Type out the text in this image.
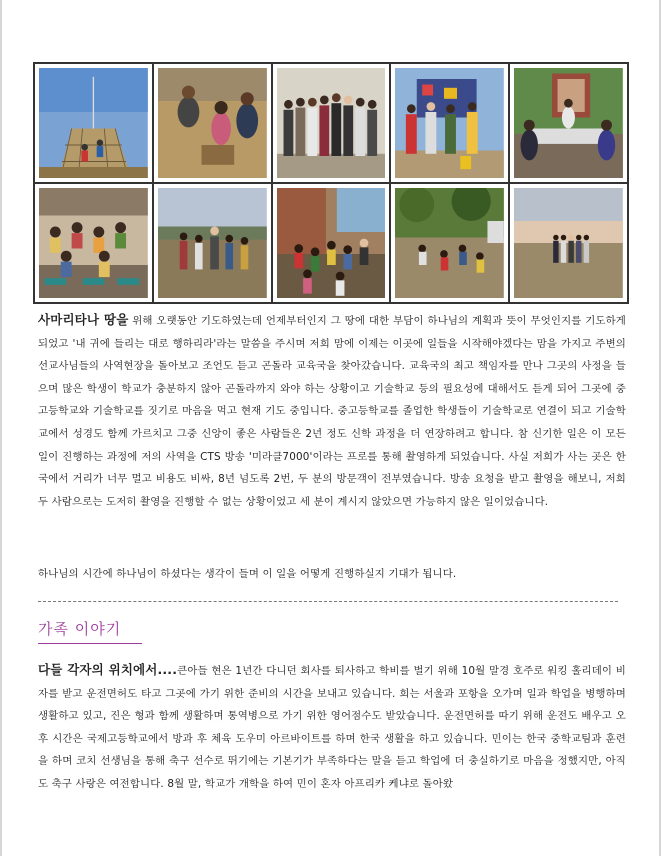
사마리타나 땅을 위해 오랫동안 기도하였는데 언제부터인지 그 땅에 대한 부담이 하나님의 계획과 뜻이 무엇인지를 기도하게 되었고 '내 귀에 들리는 대로 행하리라'라는 말씀을 주시며 저희 맘에 이제는 이곳에 일들을 시작해야겠다는 맘을 가지고 주변의 선교사님들의 사역현장을 돌아보고 조언도 듣고 곤돌라 교육국을 찾아갔습니다. 교육국의 최고 책임자를 만나 그곳의 사정을 들으며 많은 학생이 학교가 충분하지 않아 곤돌라까지 와야 하는 상황이고 기술학교 등의 필요성에 대해서도 듣게 되어 그곳에 중고등학교와 기술학교를 짓기로 마음을 먹고 현재 기도 중입니다. 중고등학교를 졸업한 학생들이 기술학교로 연결이 되고 기술학교에서 성경도 함께 가르치고 그중 신앙이 좋은 사람들은 2년 정도 신학 과정을 더 연장하려고 합니다. 참 신기한 일은 이 모든 일이 진행하는 과정에 저의 사역을 CTS 방송 '미라클7000'이라는 프로를 통해 촬영하게 되었습니다. 사실 저희가 사는 곳은 한국에서 거리가 너무 멀고 비용도 비싸, 8년 넘도록 2번, 두 분의 방문객이 전부였습니다. 방송 요청을 받고 촬영을 해보니, 저희 두 사람으로는 도저히 촬영을 진행할 수 없는 상황이었고 세 분이 계시지 않았으면 가능하지 않은 일이었습니다.
하나님의 시간에 하나님이 하셨다는 생각이 들며 이 일을 어떻게 진행하실지 기대가 됩니다.
가족 이야기
다들 각자의 위치에서....큰아들 현은 1년간 다니던 회사를 퇴사하고 학비를 벌기 위해 10월 말경 호주로 워킹 홀리데이 비자를 받고 운전면허도 타고 그곳에 가기 위한 준비의 시간을 보내고 있습니다. 희는 서울과 포항을 오가며 일과 학업을 병행하며 생활하고 있고, 진은 형과 함께 생활하며 통역병으로 가기 위한 영어점수도 받았습니다. 운전면허를 따기 위해 운전도 배우고 오후 시간은 국제고등학교에서 방과 후 체육 도우미 아르바이트를 하며 한국 생활을 하고 있습니다. 민이는 한국 중학교팀과 훈련을 하며 코치 선생님을 통해 축구 선수로 뛰기에는 기본기가 부족하다는 말을 듣고 학업에 더 충실하기로 마음을 정했지만, 아직도 축구 사랑은 여전합니다. 8월 말, 학교가 개학을 하여 민이 혼자 아프리카 케냐로 돌아왔
